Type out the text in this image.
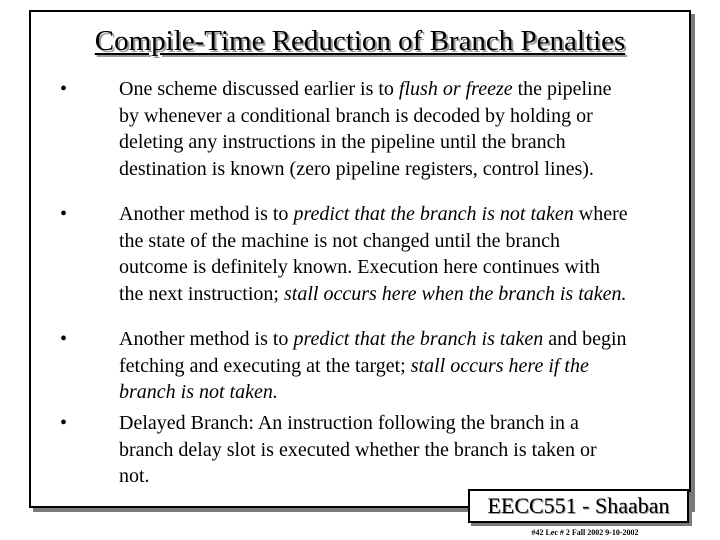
Compile-Time Reduction of Branch Penalties
•	One scheme discussed earlier is to flush or freeze the pipeline
by whenever a conditional branch is decoded by holding or
deleting any instructions in the pipeline until the branch
destination is known (zero pipeline registers, control lines).
•	Another method is to predict that the branch is not taken where
the state of the machine is not changed until the branch
outcome is definitely known. Execution here continues with
the next instruction; stall occurs here when the branch is taken.
•	Another method is to predict that the branch is taken and begin
fetching and executing at the target; stall occurs here if the
branch is not taken.
•	Delayed Branch: An instruction following the branch in a
branch delay slot is executed whether the branch is taken or
not.
EECC551 - Shaaban
#42 Lec # 2 Fall 2002 9-10-2002
